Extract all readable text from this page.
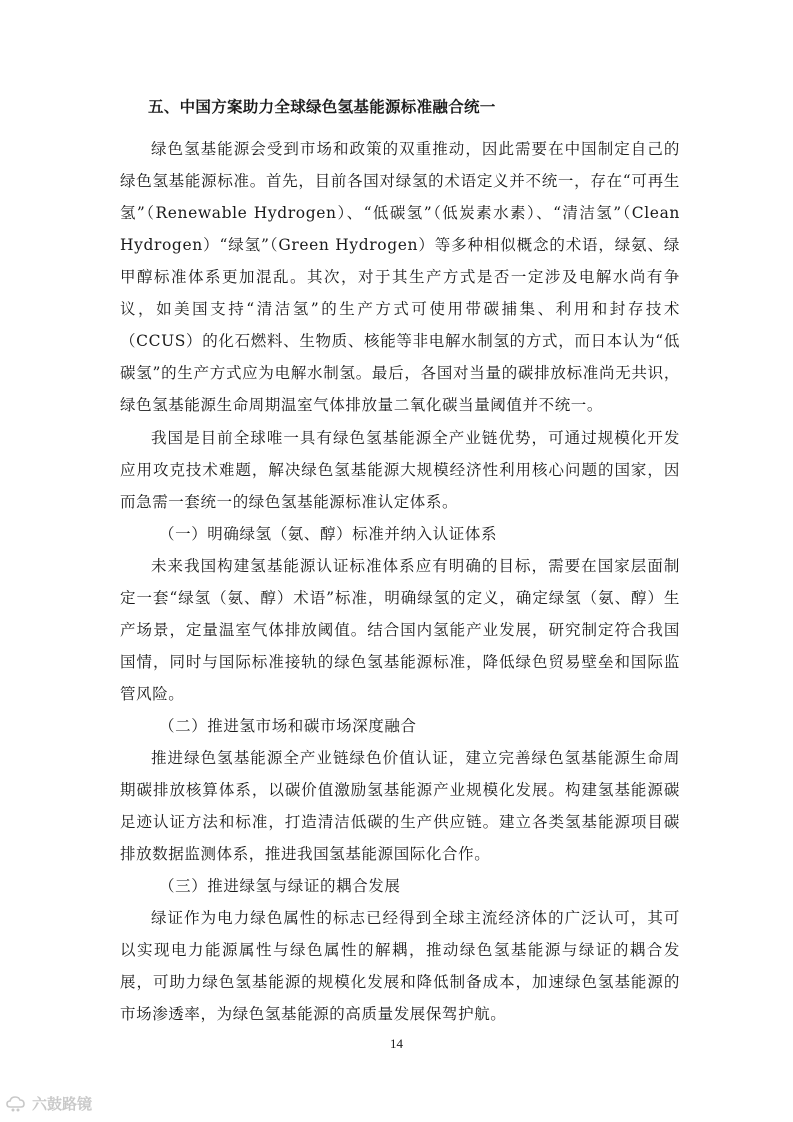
五、中国方案助力全球绿色氢基能源标准融合统一

绿色氢基能源会受到市场和政策的双重推动，因此需要在中国制定自己的绿色氢基能源标准。首先，目前各国对绿氢的术语定义并不统一，存在“可再生氢”（Renewable Hydrogen）、“低碳氢”（低炭素水素）、“清洁氢”（Clean Hydrogen）“绿氢”（Green Hydrogen）等多种相似概念的术语，绿氨、绿甲醇标准体系更加混乱。其次，对于其生产方式是否一定涉及电解水尚有争议，如美国支持“清洁氢”的生产方式可使用带碳捕集、利用和封存技术（CCUS）的化石燃料、生物质、核能等非电解水制氢的方式，而日本认为“低碳氢”的生产方式应为电解水制氢。最后，各国对当量的碳排放标准尚无共识，绿色氢基能源生命周期温室气体排放量二氧化碳当量阈值并不统一。

我国是目前全球唯一具有绿色氢基能源全产业链优势，可通过规模化开发应用攻克技术难题，解决绿色氢基能源大规模经济性利用核心问题的国家，因而急需一套统一的绿色氢基能源标准认定体系。

（一）明确绿氢（氨、醇）标准并纳入认证体系

未来我国构建氢基能源认证标准体系应有明确的目标，需要在国家层面制定一套“绿氢（氨、醇）术语”标准，明确绿氢的定义，确定绿氢（氨、醇）生产场景，定量温室气体排放阈值。结合国内氢能产业发展，研究制定符合我国国情，同时与国际标准接轨的绿色氢基能源标准，降低绿色贸易壁垒和国际监管风险。

（二）推进氢市场和碳市场深度融合

推进绿色氢基能源全产业链绿色价值认证，建立完善绿色氢基能源生命周期碳排放核算体系，以碳价值激励氢基能源产业规模化发展。构建氢基能源碳足迹认证方法和标准，打造清洁低碳的生产供应链。建立各类氢基能源项目碳排放数据监测体系，推进我国氢基能源国际化合作。

（三）推进绿氢与绿证的耦合发展

绿证作为电力绿色属性的标志已经得到全球主流经济体的广泛认可，其可以实现电力能源属性与绿色属性的解耦，推动绿色氢基能源与绿证的耦合发展，可助力绿色氢基能源的规模化发展和降低制备成本，加速绿色氢基能源的市场渗透率，为绿色氢基能源的高质量发展保驾护航。

14
六鼓路镜
